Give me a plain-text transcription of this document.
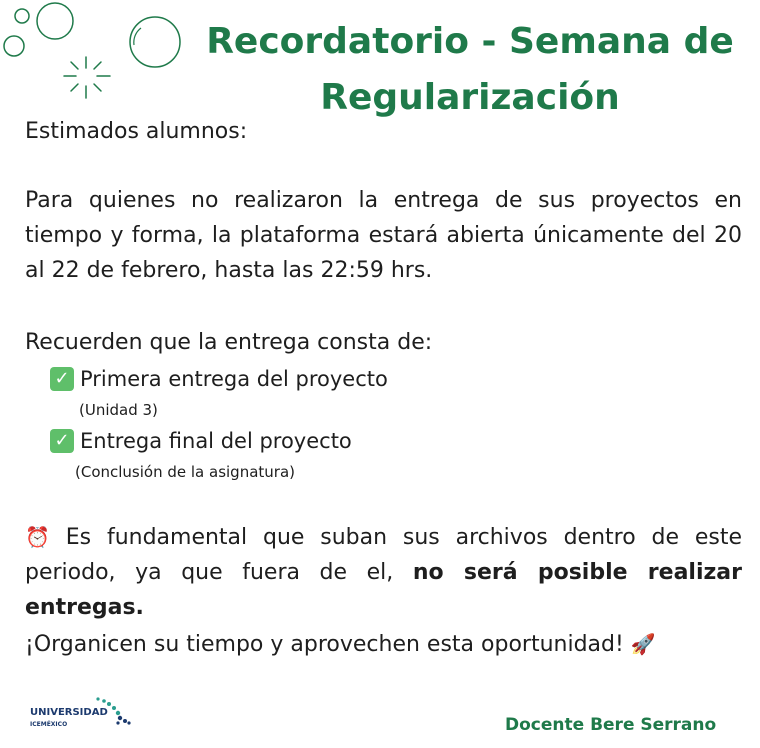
Recordatorio - Semana de Regularización

Estimados alumnos:

Para quienes no realizaron la entrega de sus proyectos en tiempo y forma, la plataforma estará abierta únicamente del 20 al 22 de febrero, hasta las 22:59 hrs.

Recuerden que la entrega consta de:

✓ Primera entrega del proyecto
(Unidad 3)
✓ Entrega final del proyecto
(Conclusión de la asignatura)

⏰ Es fundamental que suban sus archivos dentro de este periodo, ya que fuera de el, no será posible realizar entregas.

¡Organicen su tiempo y aprovechen esta oportunidad! 🚀

UNIVERSIDAD
ICEMÉXICO	Docente Bere Serrano
